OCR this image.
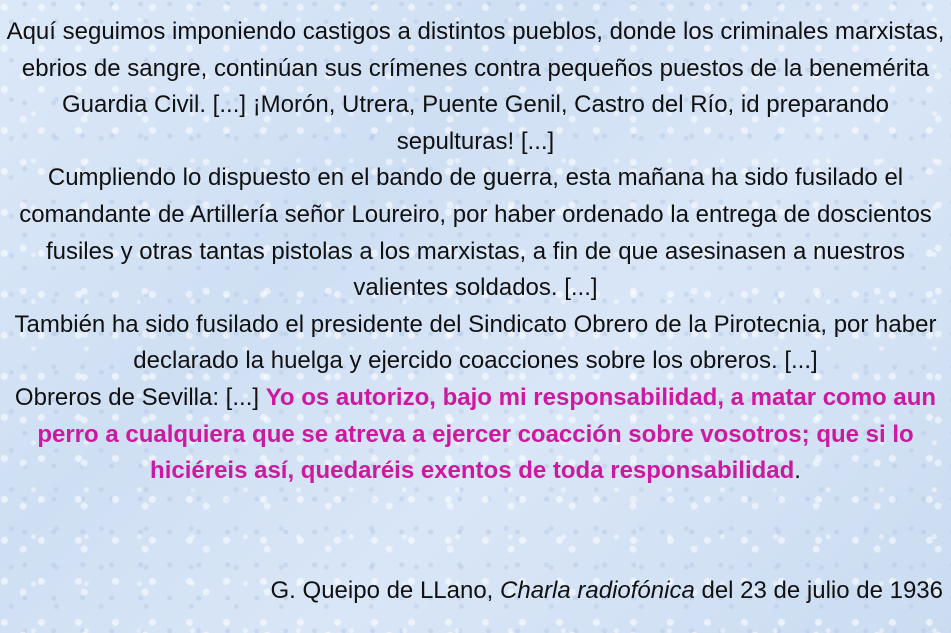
Aquí seguimos imponiendo castigos a distintos pueblos, donde los criminales marxistas, ebrios de sangre, continúan sus crímenes contra pequeños puestos de la benemérita Guardia Civil. [...] ¡Morón, Utrera, Puente Genil, Castro del Río, id preparando sepulturas! [...]

Cumpliendo lo dispuesto en el bando de guerra, esta mañana ha sido fusilado el comandante de Artillería señor Loureiro, por haber ordenado la entrega de doscientos fusiles y otras tantas pistolas a los marxistas, a fin de que asesinasen a nuestros valientes soldados. [...]

También ha sido fusilado el presidente del Sindicato Obrero de la Pirotecnia, por haber declarado la huelga y ejercido coacciones sobre los obreros. [...]

Obreros de Sevilla: [...] Yo os autorizo, bajo mi responsabilidad, a matar como aun perro a cualquiera que se atreva a ejercer coacción sobre vosotros; que si lo hiciéreis así, quedaréis exentos de toda responsabilidad.

G. Queipo de LLano, Charla radiofónica del 23 de julio de 1936
